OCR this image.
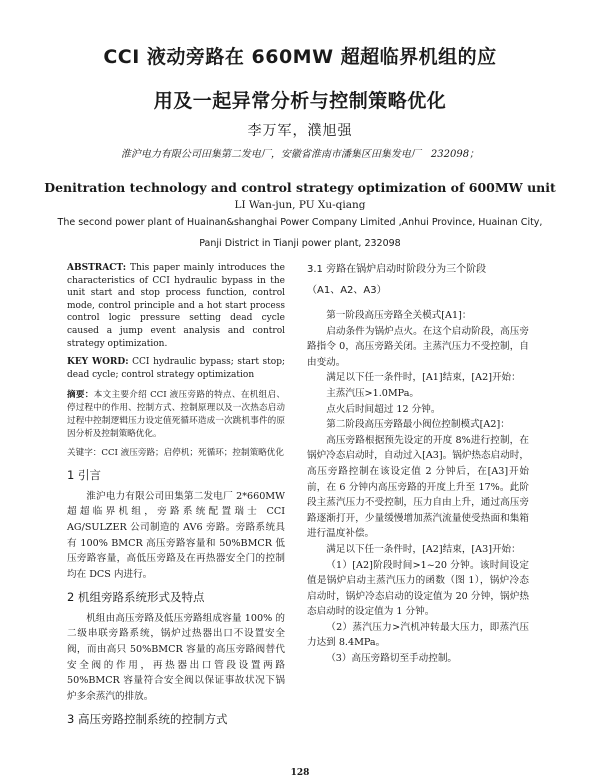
CCI 液动旁路在 660MW 超超临界机组的应
用及一起异常分析与控制策略优化
李万军，濮旭强
淮沪电力有限公司田集第二发电厂，安徽省淮南市潘集区田集发电厂　232098；
Denitration technology and control strategy optimization of 600MW unit
LI Wan-jun, PU Xu-qiang
The second power plant of Huainan&shanghai Power Company Limited ,Anhui Province, Huainan City,
Panji District in Tianji power plant, 232098

ABSTRACT: This paper mainly introduces the characteristics of CCI hydraulic bypass in the unit start and stop process function, control mode, control principle and a hot start process control logic pressure setting dead cycle caused a jump event analysis and control strategy optimization.

KEY WORD: CCI hydraulic bypass; start stop; dead cycle; control strategy optimization

摘要：本文主要介绍 CCI 液压旁路的特点、在机组启、停过程中的作用、控制方式、控制原理以及一次热态启动过程中控制逻辑压力设定值死循环造成一次跳机事件的原因分析及控制策略优化。

关键字：CCI 液压旁路；启停机；死循环；控制策略优化

1 引言

淮沪电力有限公司田集第二发电厂 2*660MW 超超临界机组，旁路系统配置瑞士 CCI AG/SULZER 公司制造的 AV6 旁路。旁路系统具有 100% BMCR 高压旁路容量和 50%BMCR 低压旁路容量，高低压旁路及在再热器安全门的控制均在 DCS 内进行。

2 机组旁路系统形式及特点

机组由高压旁路及低压旁路组成容量 100% 的二级串联旁路系统，锅炉过热器出口不设置安全阀，而由高只 50%BMCR 容量的高压旁路阀替代安全阀的作用，再热器出口管段设置两路 50%BMCR 容量符合安全阀以保证事故状况下锅炉多余蒸汽的排放。

3 高压旁路控制系统的控制方式

3.1 旁路在锅炉启动时阶段分为三个阶段

（A1、A2、A3）

第一阶段高压旁路全关模式[A1]：

启动条件为锅炉点火。在这个启动阶段，高压旁路指令 0，高压旁路关闭。主蒸汽压力不受控制，自由变动。

满足以下任一条件时，[A1]结束，[A2]开始：

主蒸汽压>1.0MPa。

点火后时间超过 12 分钟。

第二阶段高压旁路最小阀位控制模式[A2]：

高压旁路根据预先设定的开度 8%进行控制，在锅炉冷态启动时，自动过入[A3]。锅炉热态启动时，高压旁路控制在该设定值 2 分钟后，在[A3]开始前，在 6 分钟内高压旁路的开度上升至 17%。此阶段主蒸汽压力不受控制，压力自由上升，通过高压旁路逐渐打开，少量缓慢增加蒸汽流量使受热面和集箱进行温度补偿。

满足以下任一条件时，[A2]结束，[A3]开始：

（1）[A2]阶段时间>1~20 分钟。该时间设定值是锅炉启动主蒸汽压力的函数（图 1），锅炉冷态启动时，锅炉冷态启动的设定值为 20 分钟，锅炉热态启动时的设定值为 1 分钟。

（2）蒸汽压力>汽机冲转最大压力，即蒸汽压力达到 8.4MPa。

（3）高压旁路切至手动控制。

128
